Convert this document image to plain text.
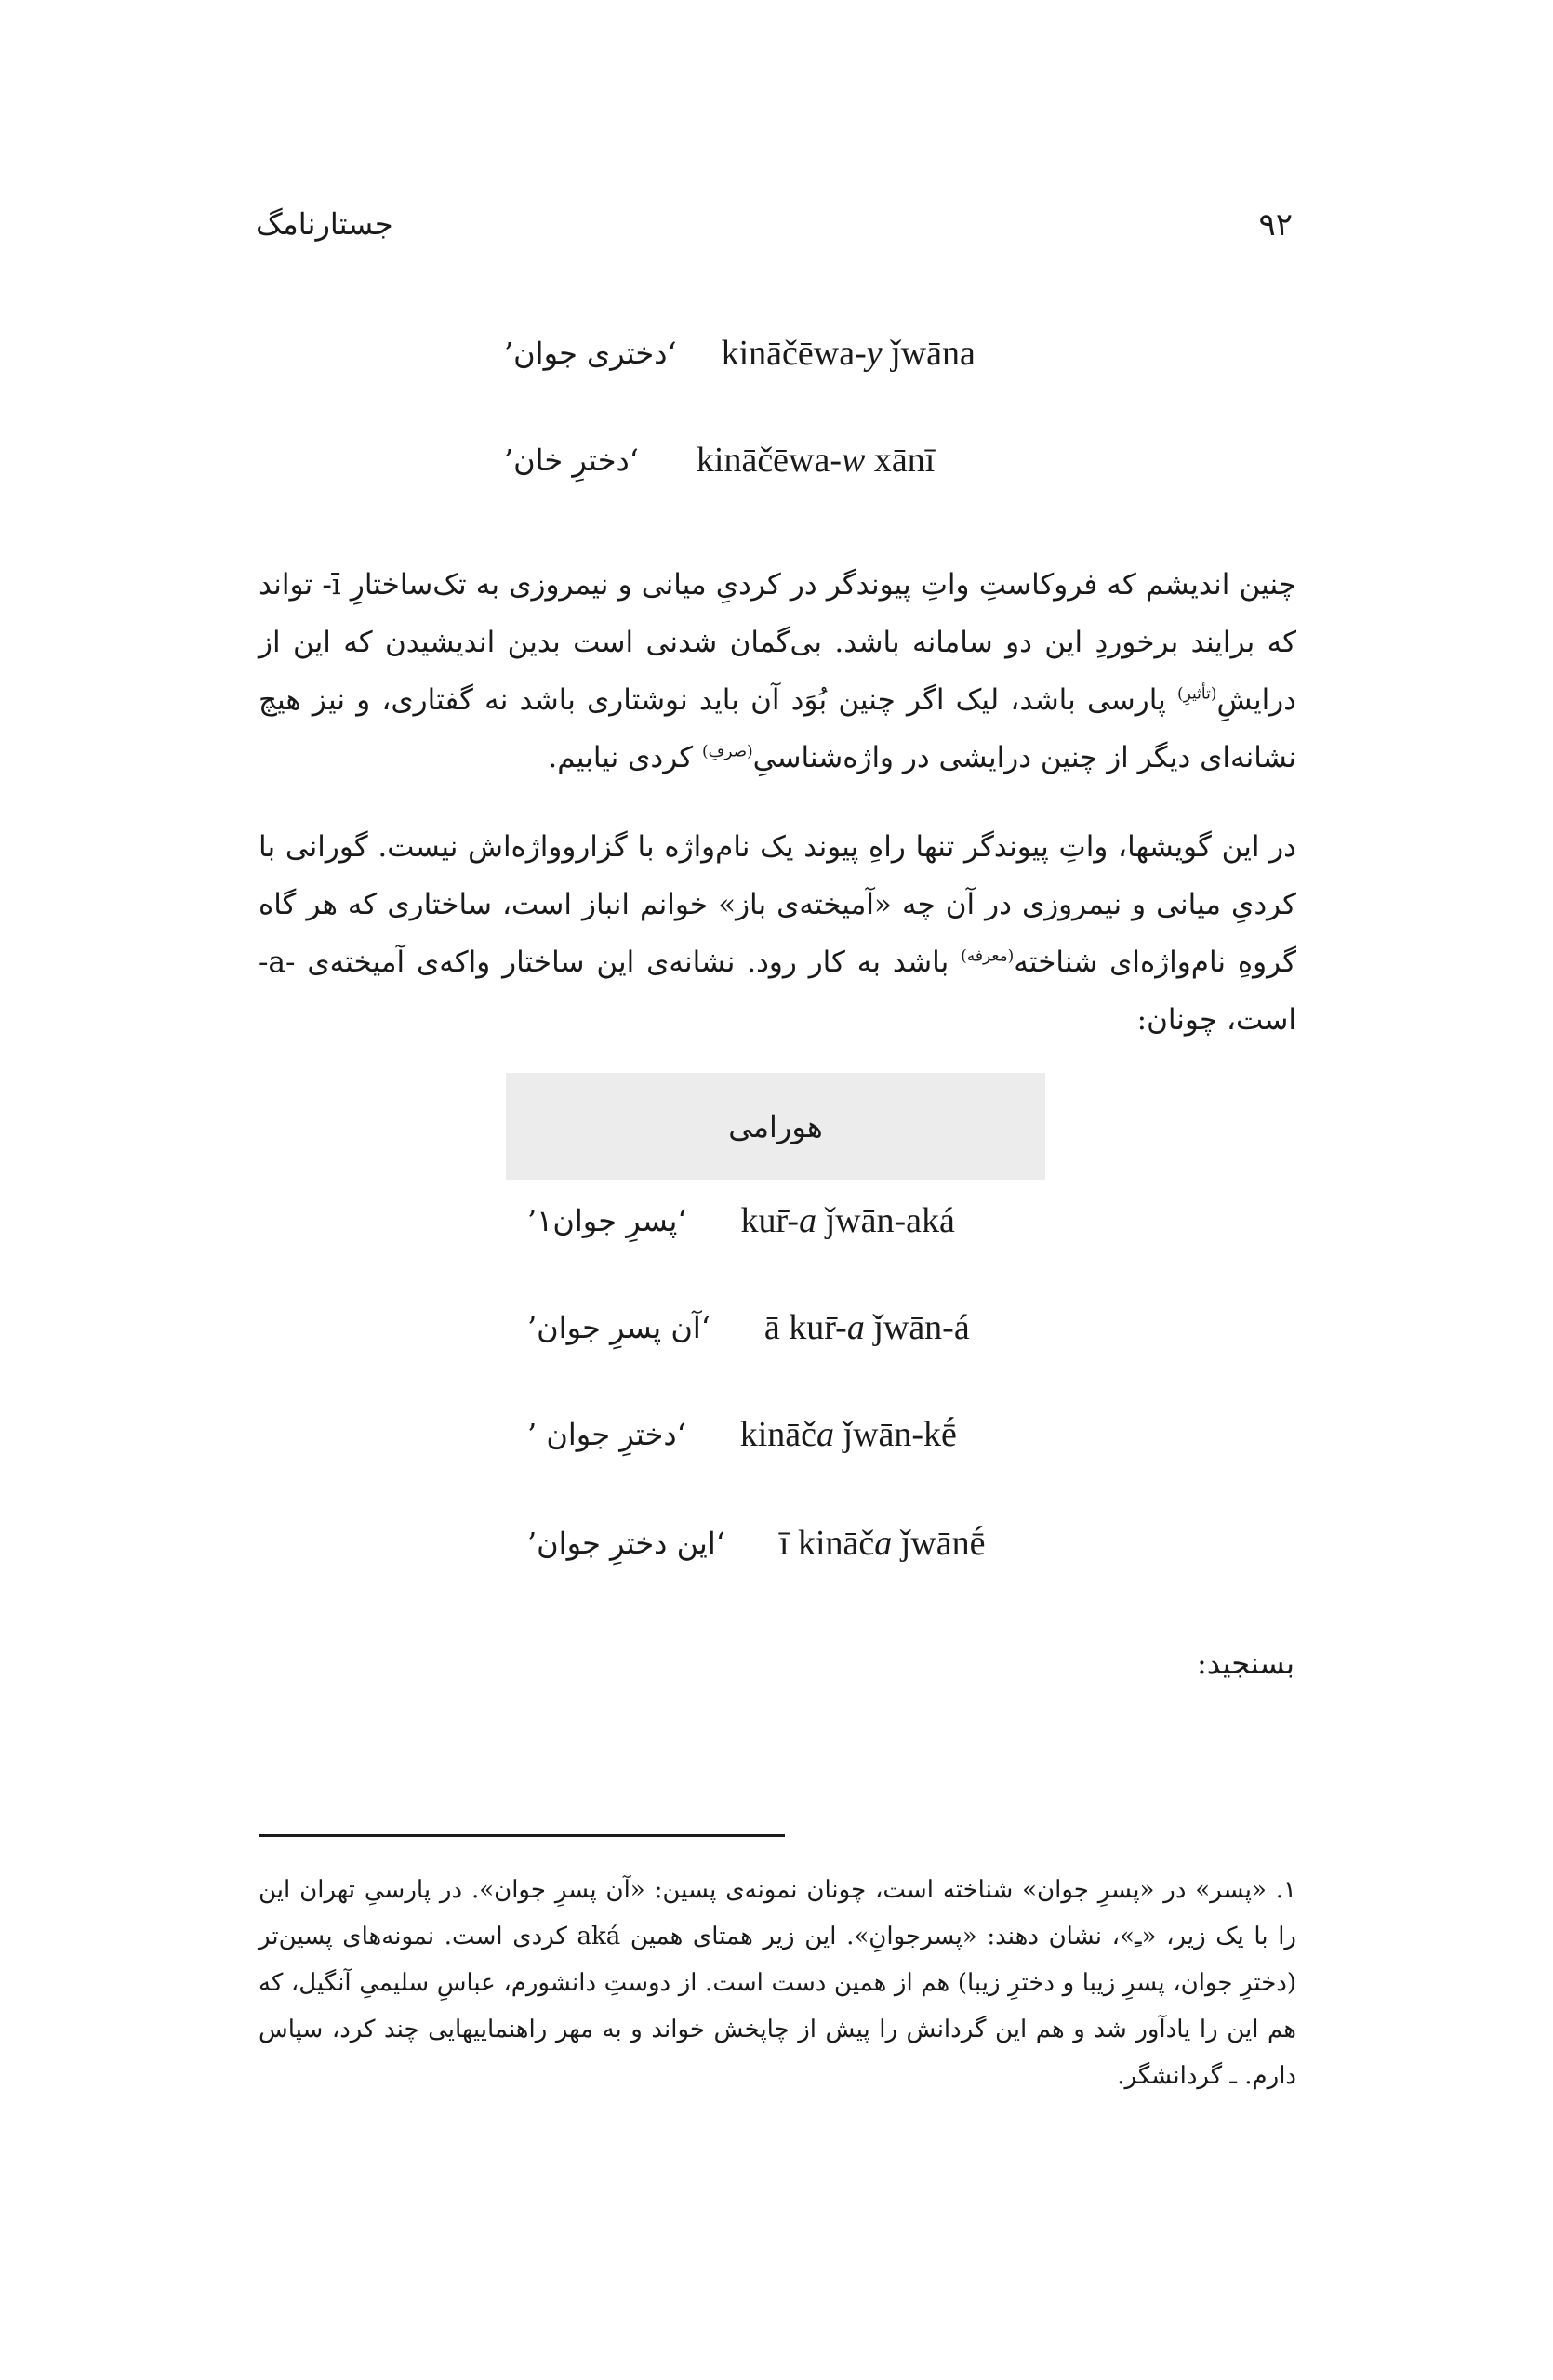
جستارنامگ	۹۲
‘دختری جوان’ kināčēwa-y ǰwāna
‘دخترِ خان’ kināčēwa-w xānī
چنین اندیشم که فروکاستِ واتِ پیوندگر در کردیِ میانی و نیمروزی به تک‌ساختارِ ‎-ī‎ تواند که برایند برخوردِ این دو سامانه باشد. بی‌گمان شدنی است بدین اندیشیدن که این از درایشِ$^{(تأثیرِ)}$ پارسی باشد، لیک اگر چنین بُوَد آن باید نوشتاری باشد نه گفتاری، و نیز هیچ نشانه‌ای دیگر از چنین درایشی در واژه‌شناسیِ$^{(صرفِ)}$ کردی نیابیم.
در این گویشها، واتِ پیوندگر تنها راهِ پیوند یک نام‌واژه با گزاروواژه‌اش نیست. گورانی با کردیِ میانی و نیمروزی در آن چه «آمیخته‌ی باز» خوانم انباز است، ساختاری که هر گاه گروهِ نام‌واژه‌ای شناخته$^{(معرفه)}$ باشد به کار رود. نشانه‌ی این ساختار واکه‌ی آمیخته‌ی ‎-a-‎ است، چونان:
هورامی
‘پسرِ جوان‌۱’ kur̄-a ǰwān-aká
‘آن پسرِ جوان’ ā kur̄-a ǰwān-á
‘دخترِ جوان ’ kināča ǰwān-kḗ
‘این دخترِ جوان’ ī kināča ǰwānḗ
بسنجید:
۱. «پسر» در «پسرِ جوان» شناخته است، چونان نمونه‌ی پسین: «آن پسرِ جوان». در پارسیِ تهران این را با یک زیر، «ـِ»، نشان دهند: «پسرجوانِ». این زیر همتای همین aká کردی است. نمونه‌های پسین‌تر (دخترِ جوان، پسرِ زیبا و دخترِ زیبا) هم از همین دست است. از دوستِ دانشورم، عباسِ سلیمیِ آنگیل، که هم این را یادآور شد و هم این گردانش را پیش از چاپخش خواند و به مهر راهنماییهایی چند کرد، سپاس دارم. ـ گردانشگر.
